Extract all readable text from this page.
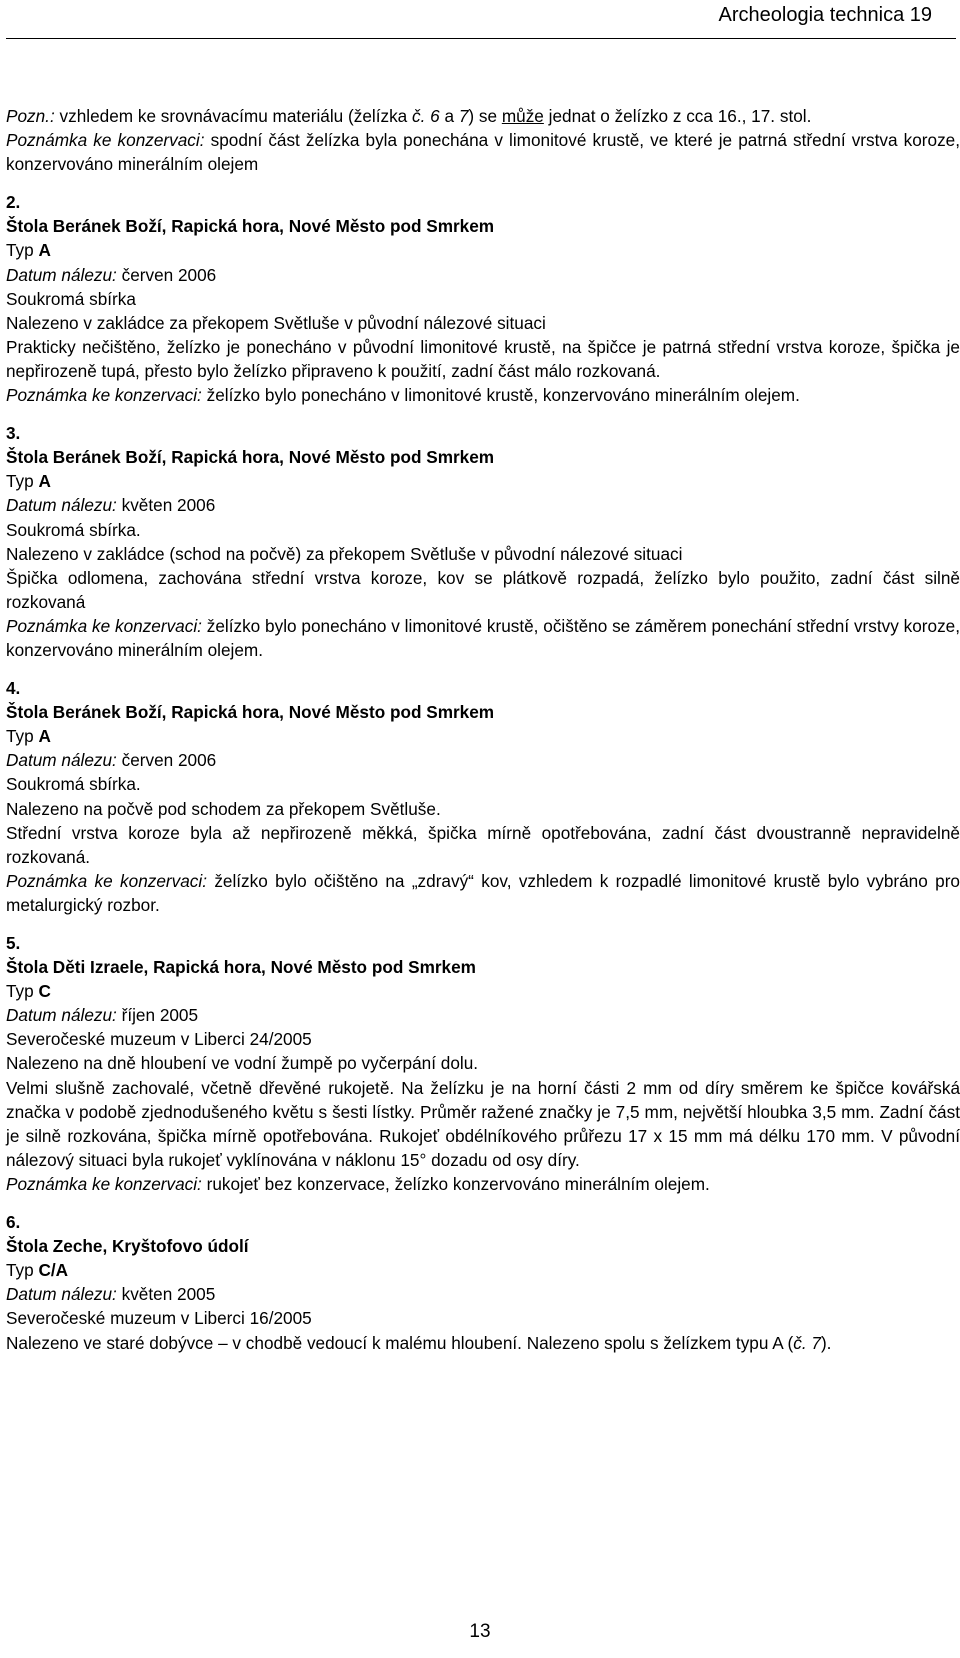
Archeologia technica 19

Pozn.: vzhledem ke srovnávacímu materiálu (želízka č. 6 a 7) se může jednat o želízko z cca 16., 17. stol.

Poznámka ke konzervaci: spodní část želízka byla ponechána v limonitové krustě, ve které je patrná střední vrstva koroze, konzervováno minerálním olejem

2.

Štola Beránek Boží, Rapická hora, Nové Město pod Smrkem

Typ A

Datum nálezu: červen 2006

Soukromá sbírka

Nalezeno v zakládce za překopem Světluše v původní nálezové situaci

Prakticky nečištěno, želízko je ponecháno v původní limonitové krustě, na špičce je patrná střední vrstva koroze, špička je nepřirozeně tupá, přesto bylo želízko připraveno k použití, zadní část málo rozkovaná.

Poznámka ke konzervaci: želízko bylo ponecháno v limonitové krustě, konzervováno minerálním olejem.

3.

Štola Beránek Boží, Rapická hora, Nové Město pod Smrkem

Typ A

Datum nálezu: květen 2006

Soukromá sbírka.

Nalezeno v zakládce (schod na počvě) za překopem Světluše v původní nálezové situaci

Špička odlomena, zachována střední vrstva koroze, kov se plátkově rozpadá, želízko bylo použito, zadní část silně rozkovaná

Poznámka ke konzervaci: želízko bylo ponecháno v limonitové krustě, očištěno se záměrem ponechání střední vrstvy koroze, konzervováno minerálním olejem.

4.

Štola Beránek Boží, Rapická hora, Nové Město pod Smrkem

Typ A

Datum nálezu: červen 2006

Soukromá sbírka.

Nalezeno na počvě pod schodem za překopem Světluše.

Střední vrstva koroze byla až nepřirozeně měkká, špička mírně opotřebována, zadní část dvoustranně nepravidelně rozkovaná.

Poznámka ke konzervaci: želízko bylo očištěno na „zdravý“ kov, vzhledem k rozpadlé limonitové krustě bylo vybráno pro metalurgický rozbor.

5.

Štola Děti Izraele, Rapická hora, Nové Město pod Smrkem

Typ C

Datum nálezu: říjen 2005

Severočeské muzeum v Liberci 24/2005

Nalezeno na dně hloubení ve vodní žumpě po vyčerpání dolu.

Velmi slušně zachovalé, včetně dřevěné rukojetě. Na želízku je na horní části 2 mm od díry směrem ke špičce kovářská značka v podobě zjednodušeného květu s šesti lístky. Průměr ražené značky je 7,5 mm, největší hloubka 3,5 mm. Zadní část je silně rozkována, špička mírně opotřebována. Rukojeť obdélníkového průřezu 17 x 15 mm má délku 170 mm. V původní nálezový situaci byla rukojeť vyklínována v náklonu 15° dozadu od osy díry.

Poznámka ke konzervaci: rukojeť bez konzervace, želízko konzervováno minerálním olejem.

6.

Štola Zeche, Kryštofovo údolí

Typ C/A

Datum nálezu: květen 2005

Severočeské muzeum v Liberci 16/2005

Nalezeno ve staré dobývce – v chodbě vedoucí k malému hloubení. Nalezeno spolu s želízkem typu A (č. 7).

13
